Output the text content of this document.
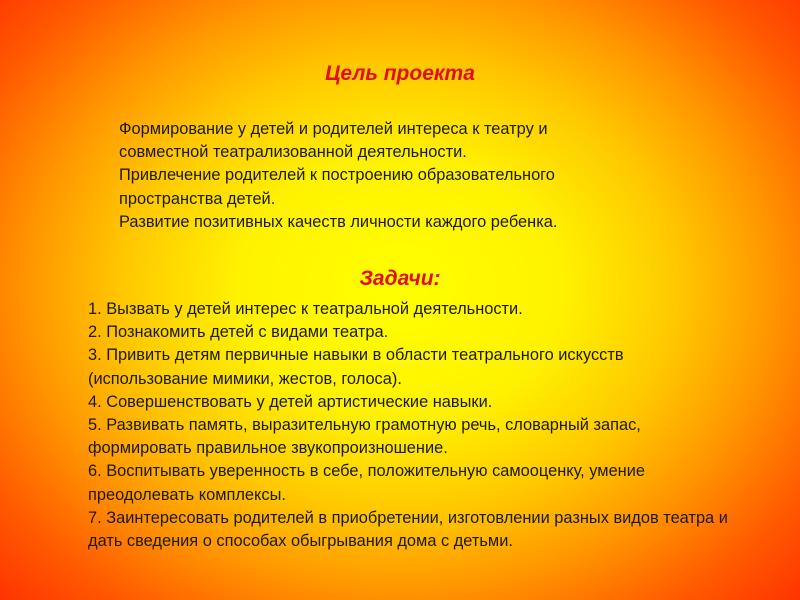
Цель проекта

Формирование у детей и родителей интереса к театру и

совместной театрализованной деятельности.

Привлечение родителей к построению образовательного

пространства детей.

Развитие позитивных качеств личности каждого ребенка.

Задачи:
1. Вызвать у детей интерес к театральной деятельности.
2. Познакомить детей с видами театра.
3. Привить детям первичные навыки в области театрального искусств (использование мимики, жестов, голоса).
4. Совершенствовать у детей артистические навыки.
5. Развивать память, выразительную грамотную речь, словарный запас, формировать правильное звукопроизношение.
6. Воспитывать уверенность в себе, положительную самооценку, умение преодолевать комплексы.
7. Заинтересовать родителей в приобретении, изготовлении разных видов театра и дать сведения о способах обыгрывания дома с детьми.
